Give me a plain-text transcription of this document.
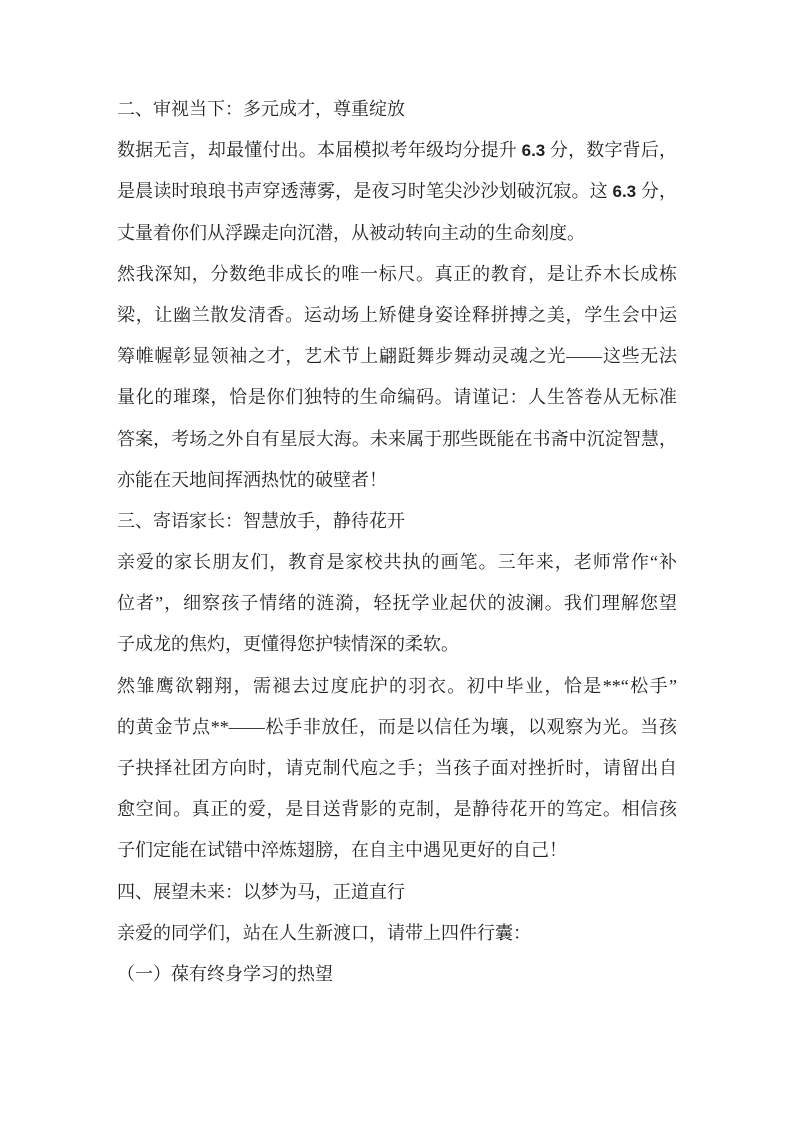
二、审视当下：多元成才，尊重绽放
数据无言，却最懂付出。本届模拟考年级均分提升 6.3 分，数字背后，
是晨读时琅琅书声穿透薄雾，是夜习时笔尖沙沙划破沉寂。这 6.3 分，
丈量着你们从浮躁走向沉潜，从被动转向主动的生命刻度。
然我深知，分数绝非成长的唯一标尺。真正的教育，是让乔木长成栋
梁，让幽兰散发清香。运动场上矫健身姿诠释拼搏之美，学生会中运
筹帷幄彰显领袖之才，艺术节上翩跹舞步舞动灵魂之光——这些无法
量化的璀璨，恰是你们独特的生命编码。请谨记：人生答卷从无标准
答案，考场之外自有星辰大海。未来属于那些既能在书斋中沉淀智慧，
亦能在天地间挥洒热忱的破壁者！
三、寄语家长：智慧放手，静待花开
亲爱的家长朋友们，教育是家校共执的画笔。三年来，老师常作“补
位者”，细察孩子情绪的涟漪，轻抚学业起伏的波澜。我们理解您望
子成龙的焦灼，更懂得您护犊情深的柔软。
然雏鹰欲翱翔，需褪去过度庇护的羽衣。初中毕业，恰是**“松手”
的黄金节点**——松手非放任，而是以信任为壤，以观察为光。当孩
子抉择社团方向时，请克制代庖之手；当孩子面对挫折时，请留出自
愈空间。真正的爱，是目送背影的克制，是静待花开的笃定。相信孩
子们定能在试错中淬炼翅膀，在自主中遇见更好的自己！
四、展望未来：以梦为马，正道直行
亲爱的同学们，站在人生新渡口，请带上四件行囊：
（一）葆有终身学习的热望
